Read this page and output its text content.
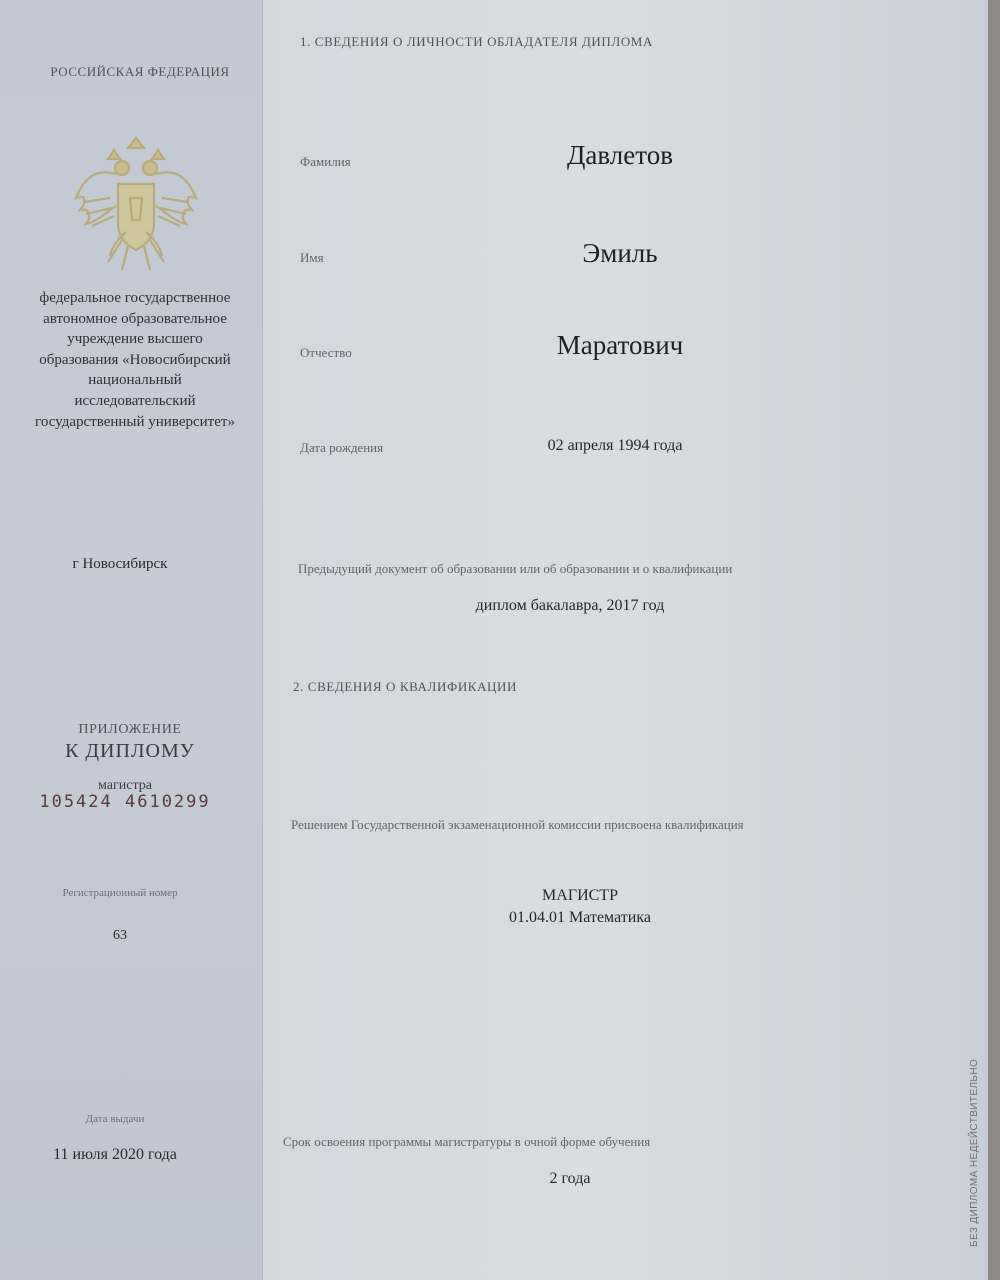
РОССИЙСКАЯ ФЕДЕРАЦИЯ
федеральное государственное автономное образовательное учреждение высшего образования «Новосибирский национальный исследовательский государственный университет»
г Новосибирск
ПРИЛОЖЕНИЕ
К ДИПЛОМУ
магистра
105424 4610299
Регистрационный номер
63
Дата выдачи
11 июля 2020 года
1. СВЕДЕНИЯ О ЛИЧНОСТИ ОБЛАДАТЕЛЯ ДИПЛОМА
Фамилия	Давлетов
Имя	Эмиль
Отчество	Маратович
Дата рождения	02 апреля 1994 года
Предыдущий документ об образовании или об образовании и о квалификации
диплом бакалавра, 2017 год
2. СВЕДЕНИЯ О КВАЛИФИКАЦИИ
Решением Государственной экзаменационной комиссии присвоена квалификация
МАГИСТР
01.04.01 Математика
Срок освоения программы магистратуры в очной форме обучения
2 года	БЕЗ ДИПЛОМА НЕДЕЙСТВИТЕЛЬНО
